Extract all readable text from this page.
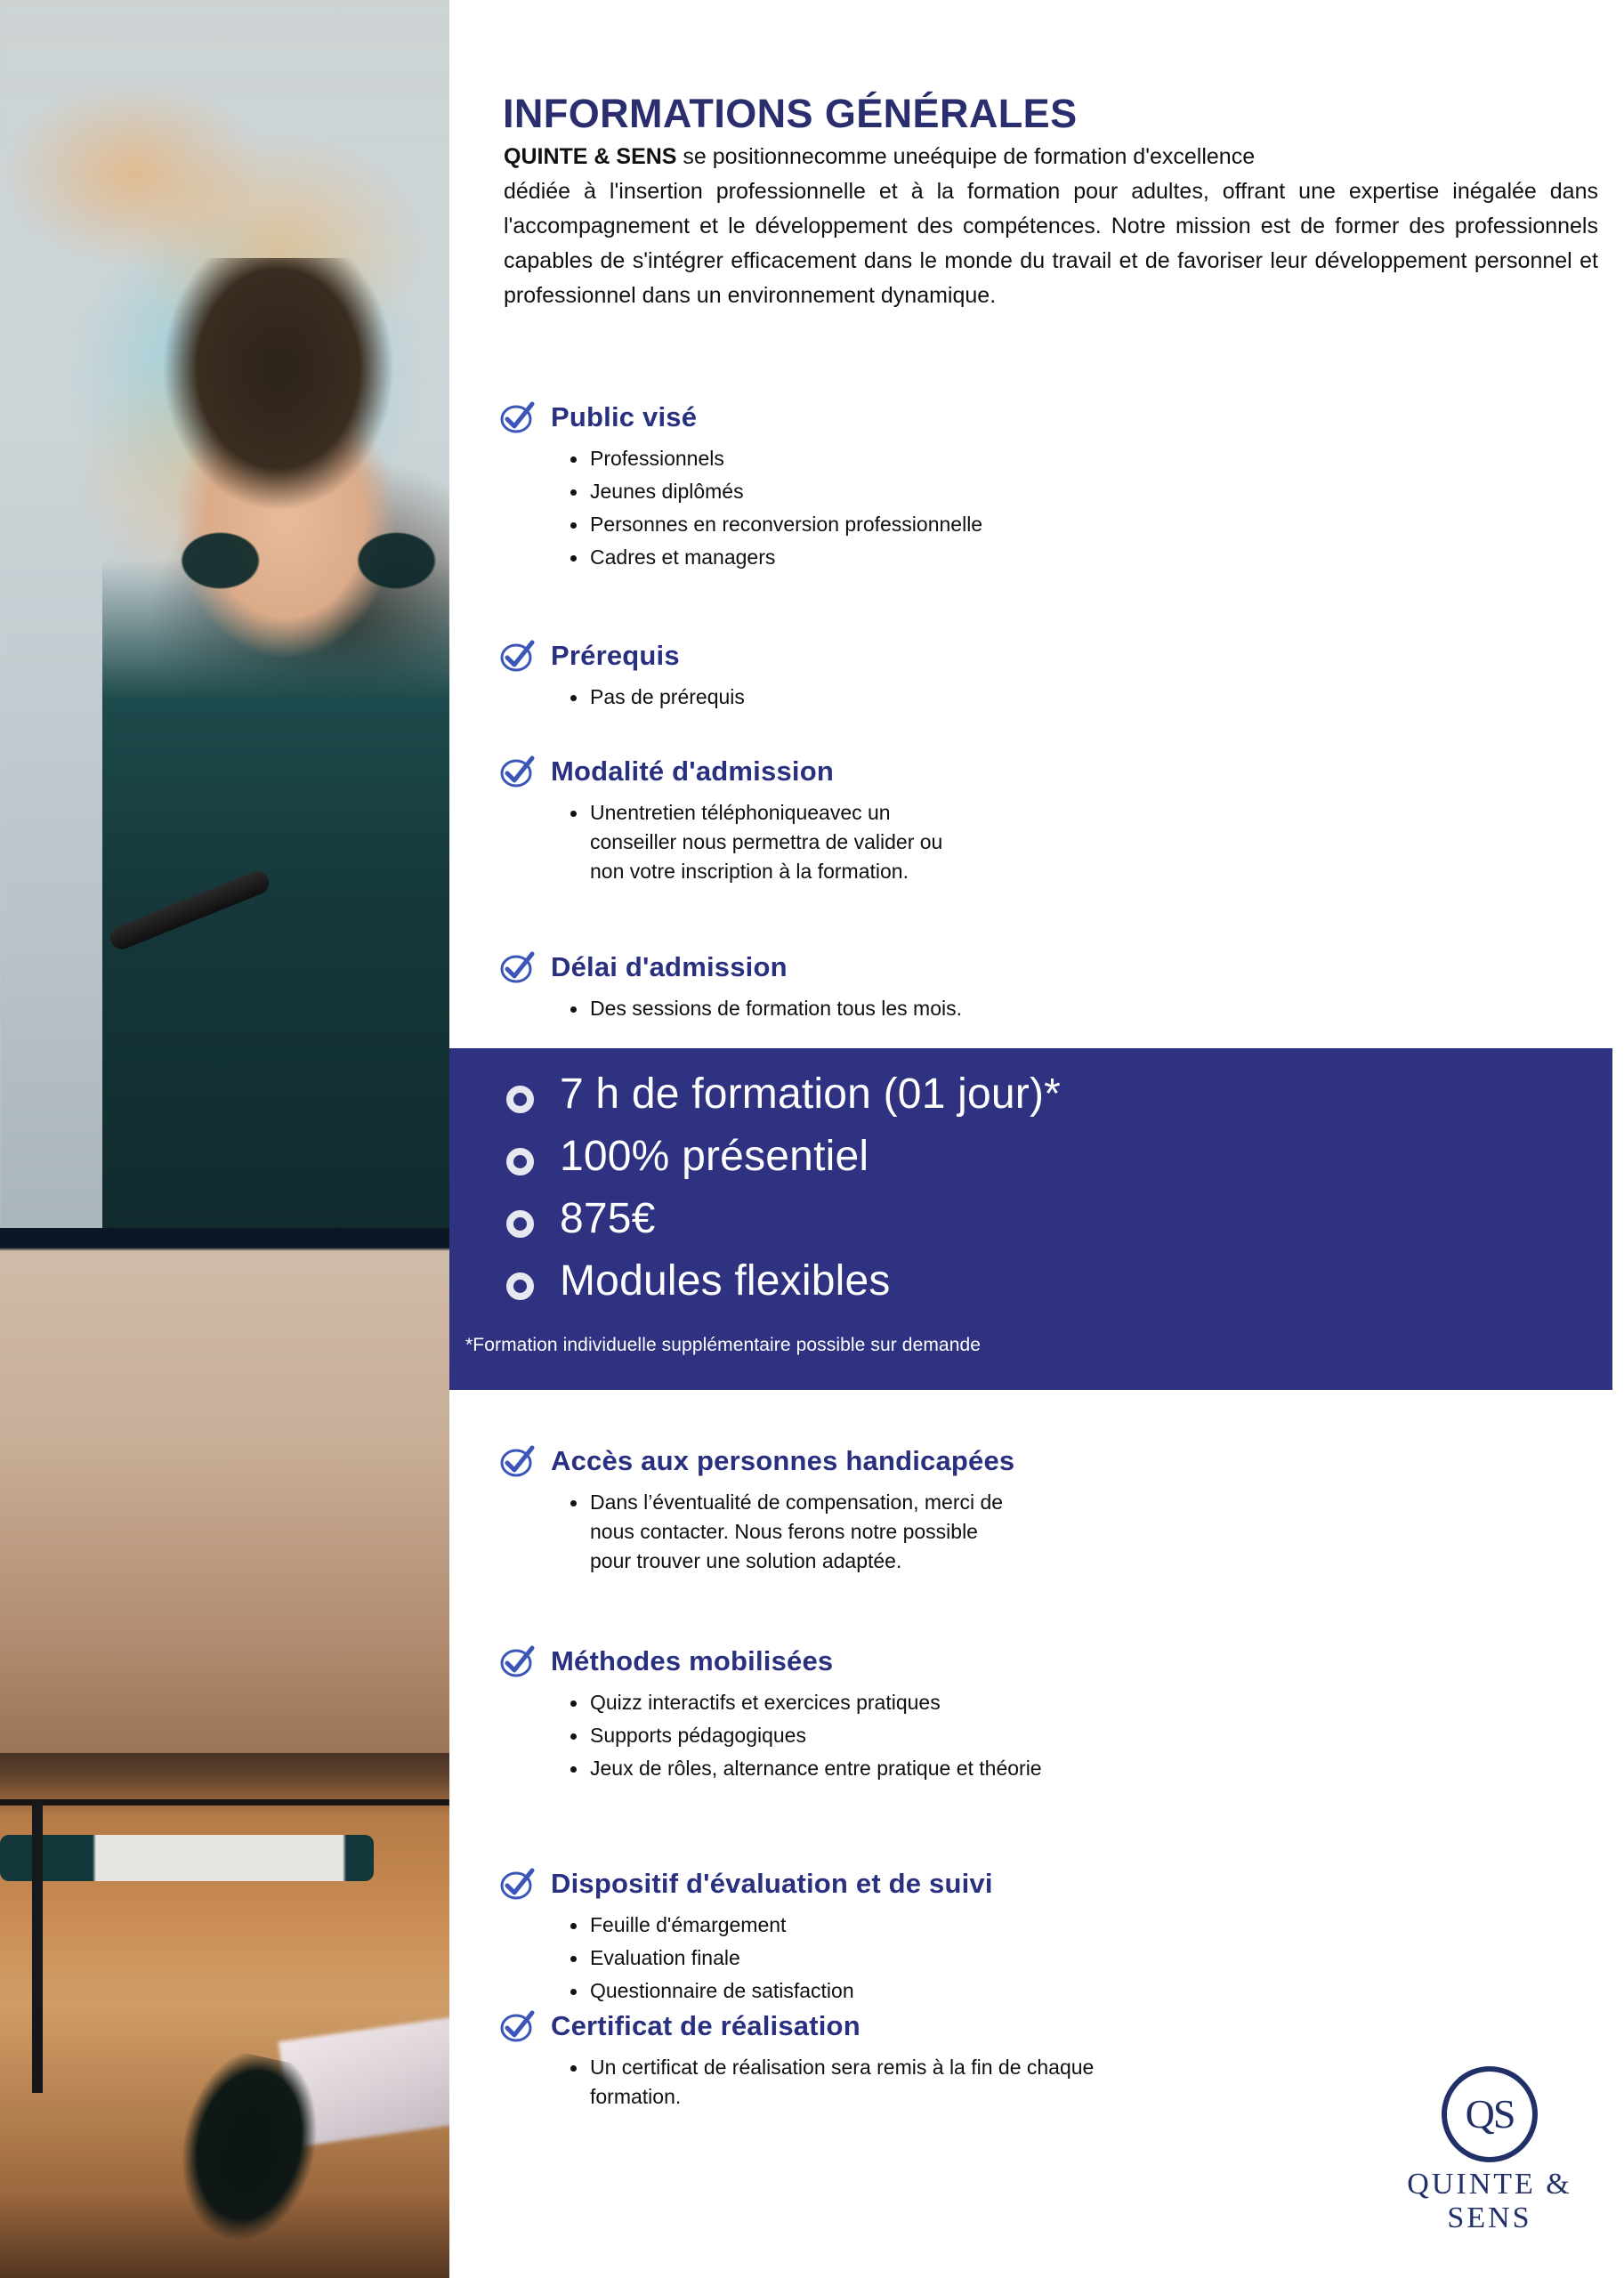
INFORMATIONS GÉNÉRALES
QUINTE & SENS se positionnecomme uneéquipe de formation d'excellence
dédiée à l'insertion professionnelle et à la formation pour adultes, offrant une expertise inégalée dans l'accompagnement et le développement des compétences. Notre mission est de former des professionnels capables de s'intégrer efficacement dans le monde du travail et de favoriser leur développement personnel et professionnel dans un environnement dynamique.
Public visé
Professionnels
Jeunes diplômés
Personnes en reconversion professionnelle
Cadres et managers
Prérequis
Pas de prérequis
Modalité d'admission
Unentretien téléphoniqueavec un conseiller nous permettra de valider ou non votre inscription à la formation.
Délai d'admission
Des sessions de formation tous les mois.
7 h de formation (01 jour)*
100% présentiel
875€
Modules flexibles
*Formation individuelle supplémentaire possible sur demande
Accès aux personnes handicapées
Dans l’éventualité de compensation, merci de nous contacter. Nous ferons notre possible pour trouver une solution adaptée.
Méthodes mobilisées
Quizz interactifs et exercices pratiques
Supports pédagogiques
Jeux de rôles, alternance entre pratique et théorie
Dispositif d'évaluation et de suivi
Feuille d'émargement
Evaluation finale
Questionnaire de satisfaction
Certificat de réalisation
Un certificat de réalisation sera remis à la fin de chaque formation.	QS
QUINTE & SENS
